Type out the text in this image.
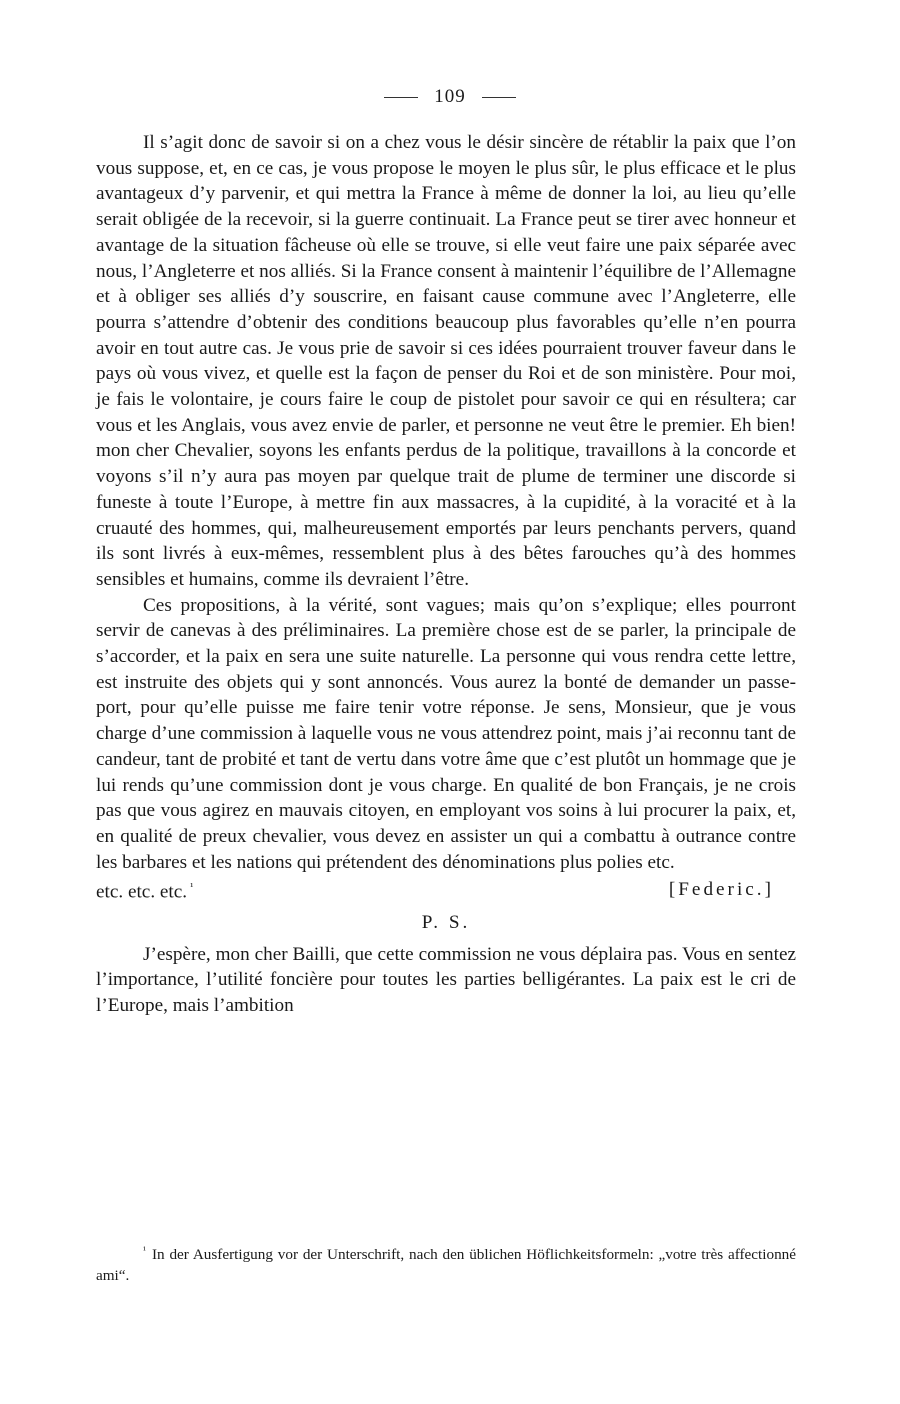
109

Il s’agit donc de savoir si on a chez vous le désir sincère de rétablir la paix que l’on vous suppose, et, en ce cas, je vous propose le moyen le plus sûr, le plus efficace et le plus avantageux d’y parvenir, et qui mettra la France à même de donner la loi, au lieu qu’elle serait obligée de la recevoir, si la guerre continuait. La France peut se tirer avec honneur et avantage de la situation fâcheuse où elle se trouve, si elle veut faire une paix séparée avec nous, l’Angleterre et nos alliés. Si la France consent à maintenir l’équilibre de l’Allemagne et à obliger ses alliés d’y souscrire, en faisant cause commune avec l’Angleterre, elle pourra s’attendre d’obtenir des conditions beaucoup plus favorables qu’elle n’en pourra avoir en tout autre cas. Je vous prie de savoir si ces idées pourraient trouver faveur dans le pays où vous vivez, et quelle est la façon de penser du Roi et de son ministère. Pour moi, je fais le volontaire, je cours faire le coup de pistolet pour savoir ce qui en résultera; car vous et les Anglais, vous avez envie de parler, et personne ne veut être le premier. Eh bien! mon cher Chevalier, soyons les enfants perdus de la politique, travaillons à la concorde et voyons s’il n’y aura pas moyen par quelque trait de plume de terminer une discorde si funeste à toute l’Europe, à mettre fin aux massacres, à la cupidité, à la voracité et à la cruauté des hommes, qui, malheureusement emportés par leurs penchants pervers, quand ils sont livrés à eux-mêmes, ressemblent plus à des bêtes farouches qu’à des hommes sensibles et humains, comme ils devraient l’être.

Ces propositions, à la vérité, sont vagues; mais qu’on s’explique; elles pourront servir de canevas à des préliminaires. La première chose est de se parler, la principale de s’accorder, et la paix en sera une suite naturelle. La personne qui vous rendra cette lettre, est instruite des objets qui y sont annoncés. Vous aurez la bonté de demander un passe-port, pour qu’elle puisse me faire tenir votre réponse. Je sens, Monsieur, que je vous charge d’une commission à laquelle vous ne vous attendrez point, mais j’ai reconnu tant de candeur, tant de probité et tant de vertu dans votre âme que c’est plutôt un hommage que je lui rends qu’une commission dont je vous charge. En qualité de bon Français, je ne crois pas que vous agirez en mauvais citoyen, en employant vos soins à lui procurer la paix, et, en qualité de preux chevalier, vous devez en assister un qui a combattu à outrance contre les barbares et les nations qui prétendent des dénominations plus polies etc.

etc. etc. etc. $^{^1}$	[Federic.]

P. S.

J’espère, mon cher Bailli, que cette commission ne vous déplaira pas. Vous en sentez l’importance, l’utilité foncière pour toutes les parties belligérantes. La paix est le cri de l’Europe, mais l’ambition

$^{^1}$ In der Ausfertigung vor der Unterschrift, nach den üblichen Höflichkeitsformeln: „votre très affectionné ami“.
